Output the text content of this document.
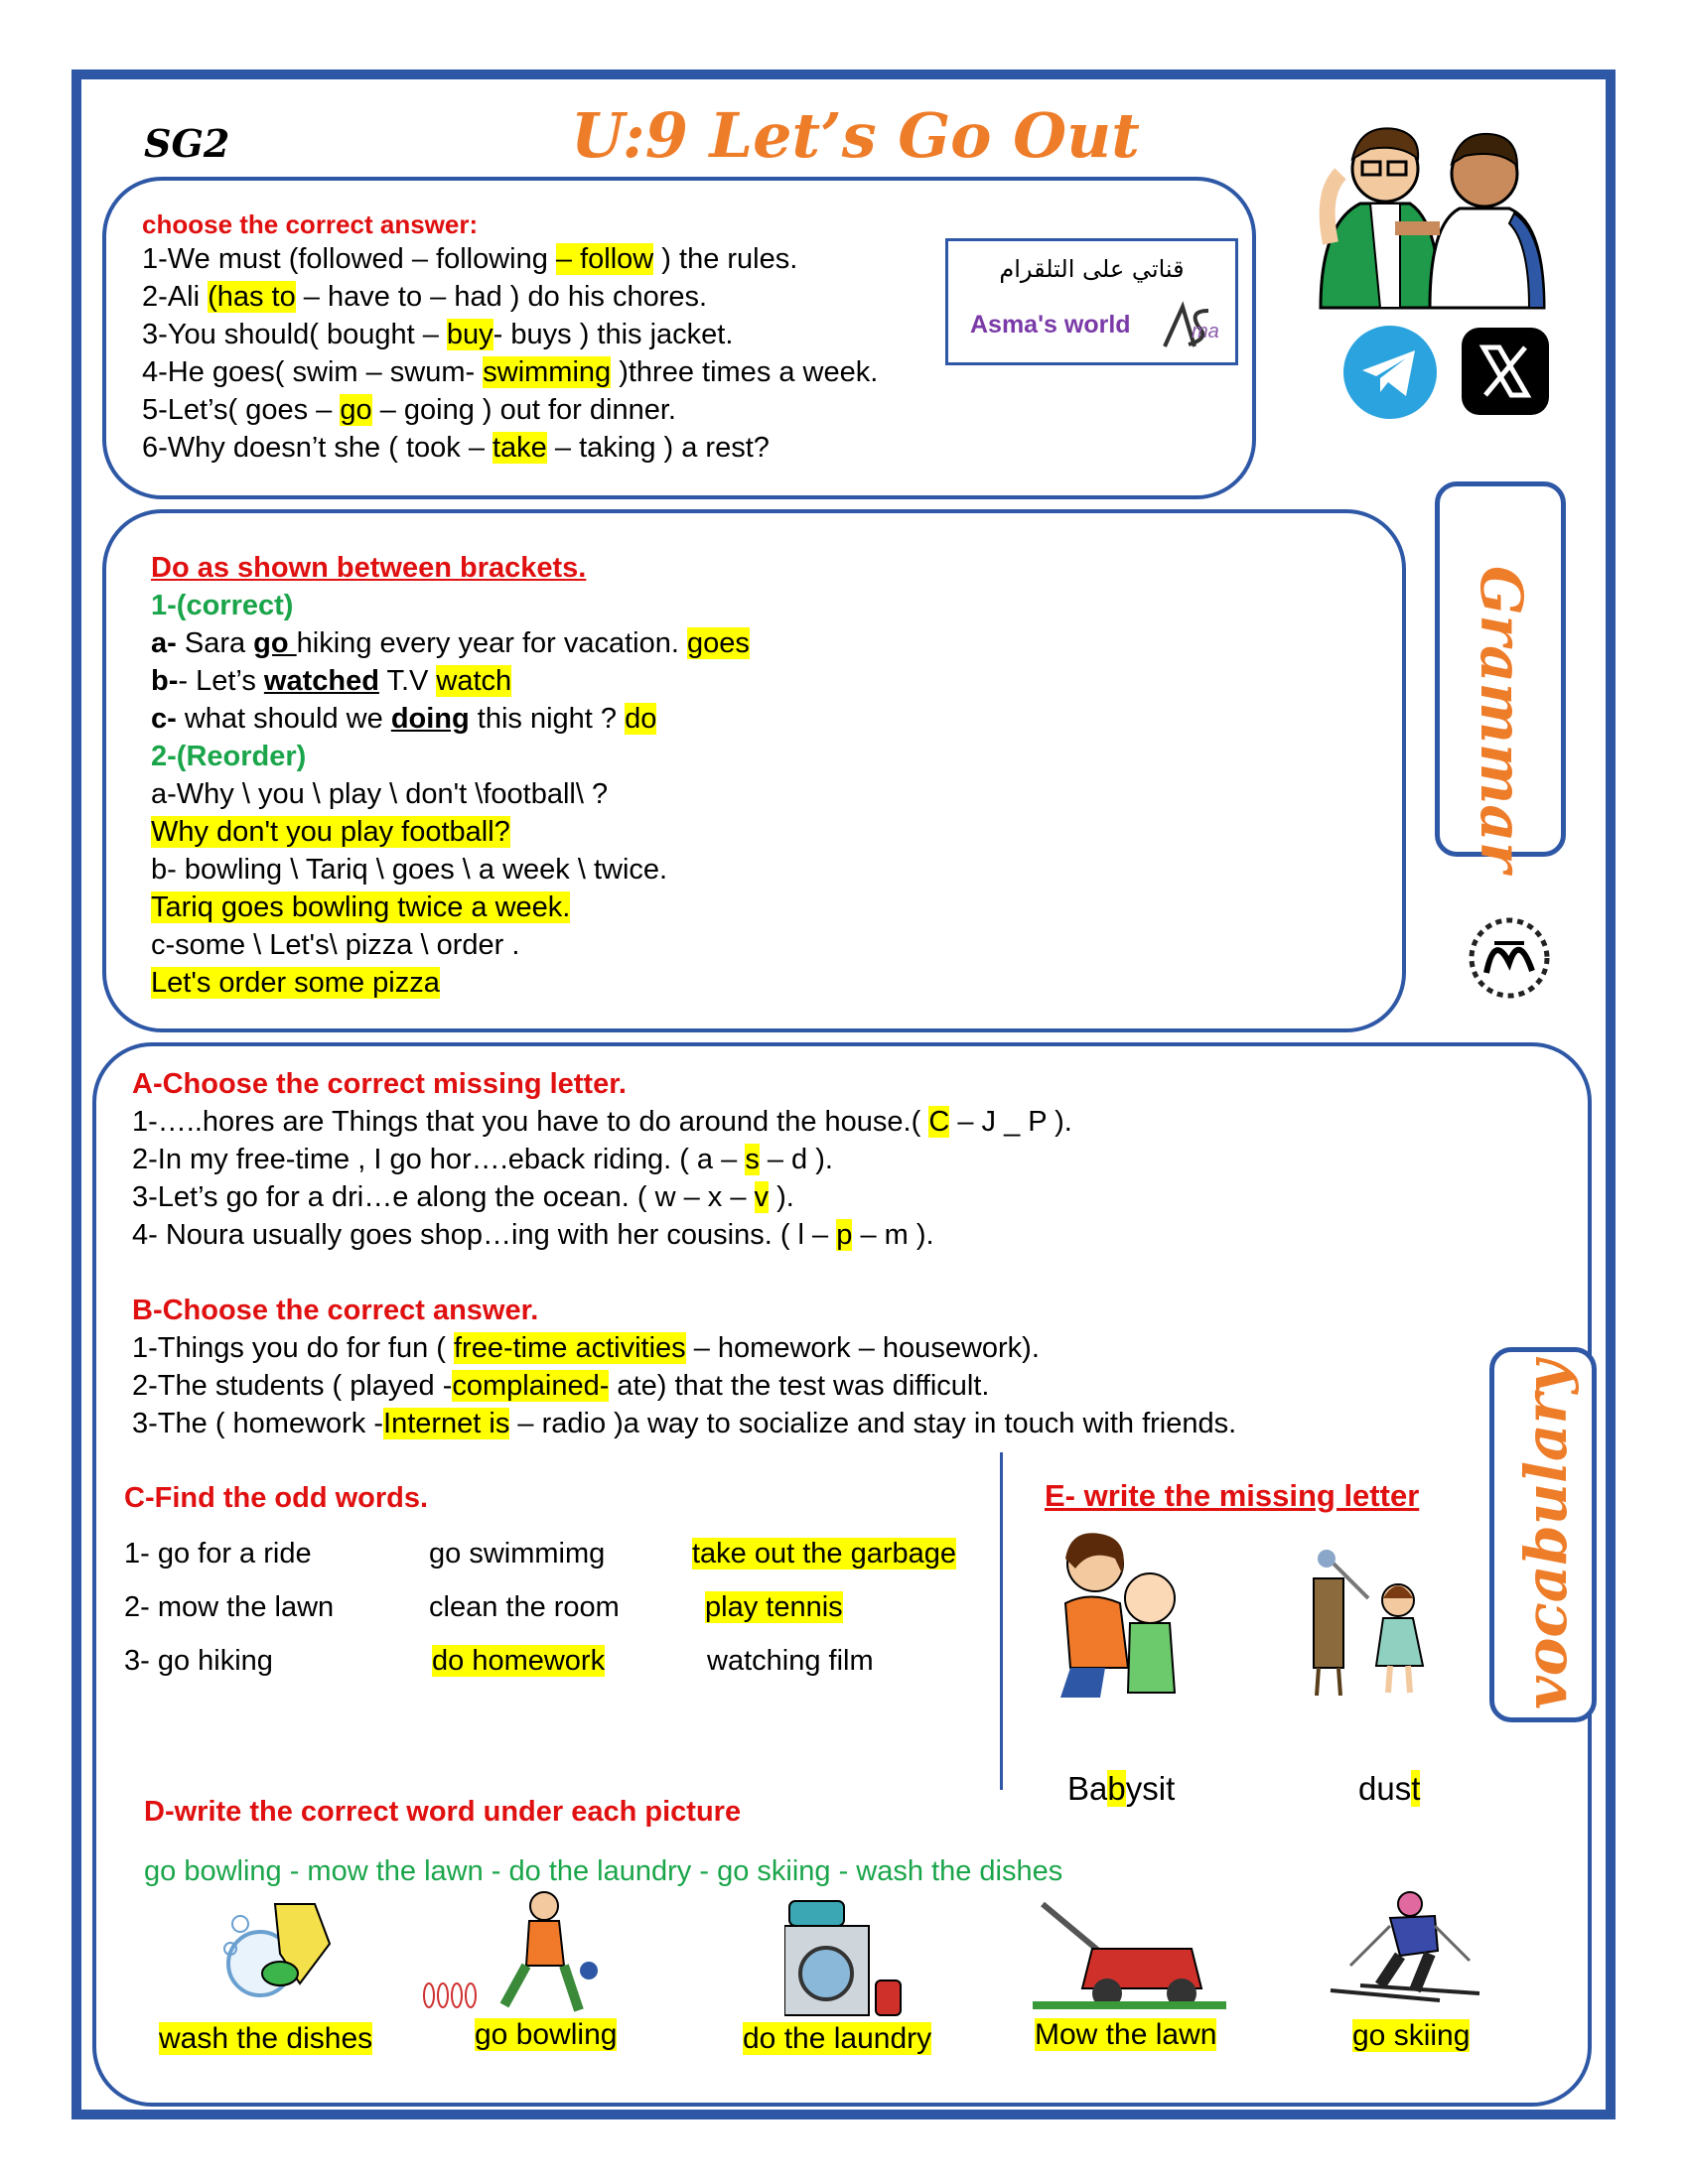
SG2	U:9 Let’s Go Out
choose the correct answer:
1-We must (followed – following – follow ) the rules.
2-Ali (has to – have to – had ) do his chores.
3-You should( bought – buy- buys ) this jacket.
4-He goes( swim – swum- swimming )three times a week.
5-Let’s( goes – go – going ) out for dinner.
6-Why doesn’t she ( took – take – taking ) a rest?
قناتي على التلقرام
Asma's world	ma
Do as shown between brackets.
1-(correct)
a- Sara go hiking every year for vacation. goes
b-- Let’s watched T.V watch
c- what should we doing this night ? do
2-(Reorder)
a-Why \ you \ play \ don't \football\ ?
Why don't you play football?
b- bowling \ Tariq \ goes \ a week \ twice.
Tariq goes bowling twice a week.
c-some \ Let's\ pizza \ order .
Let's order some pizza
Grammar
vocabulary
A-Choose the correct missing letter.
1-…..hores are Things that you have to do around the house.( C – J _ P ).
2-In my free-time , I go hor….eback riding. ( a – s – d ).
3-Let’s go for a dri…e along the ocean. ( w – x – v ).
4- Noura usually goes shop…ing with her cousins. ( l – p – m ).
B-Choose the correct answer.
1-Things you do for fun ( free-time activities – homework – housework).
2-The students ( played -complained- ate) that the test was difficult.
3-The ( homework -Internet is – radio )a way to socialize and stay in touch with friends.
C-Find the odd words.
1- go for a ride	go swimmimg	take out the garbage
2- mow the lawn	clean the room	play tennis
3- go hiking	do homework	watching film
E- write the missing letter
Babysit	dust
D-write the correct word under each picture
go bowling - mow the lawn - do the laundry - go skiing - wash the dishes
wash the dishes	go bowling	do the laundry	Mow the lawn	go skiing
